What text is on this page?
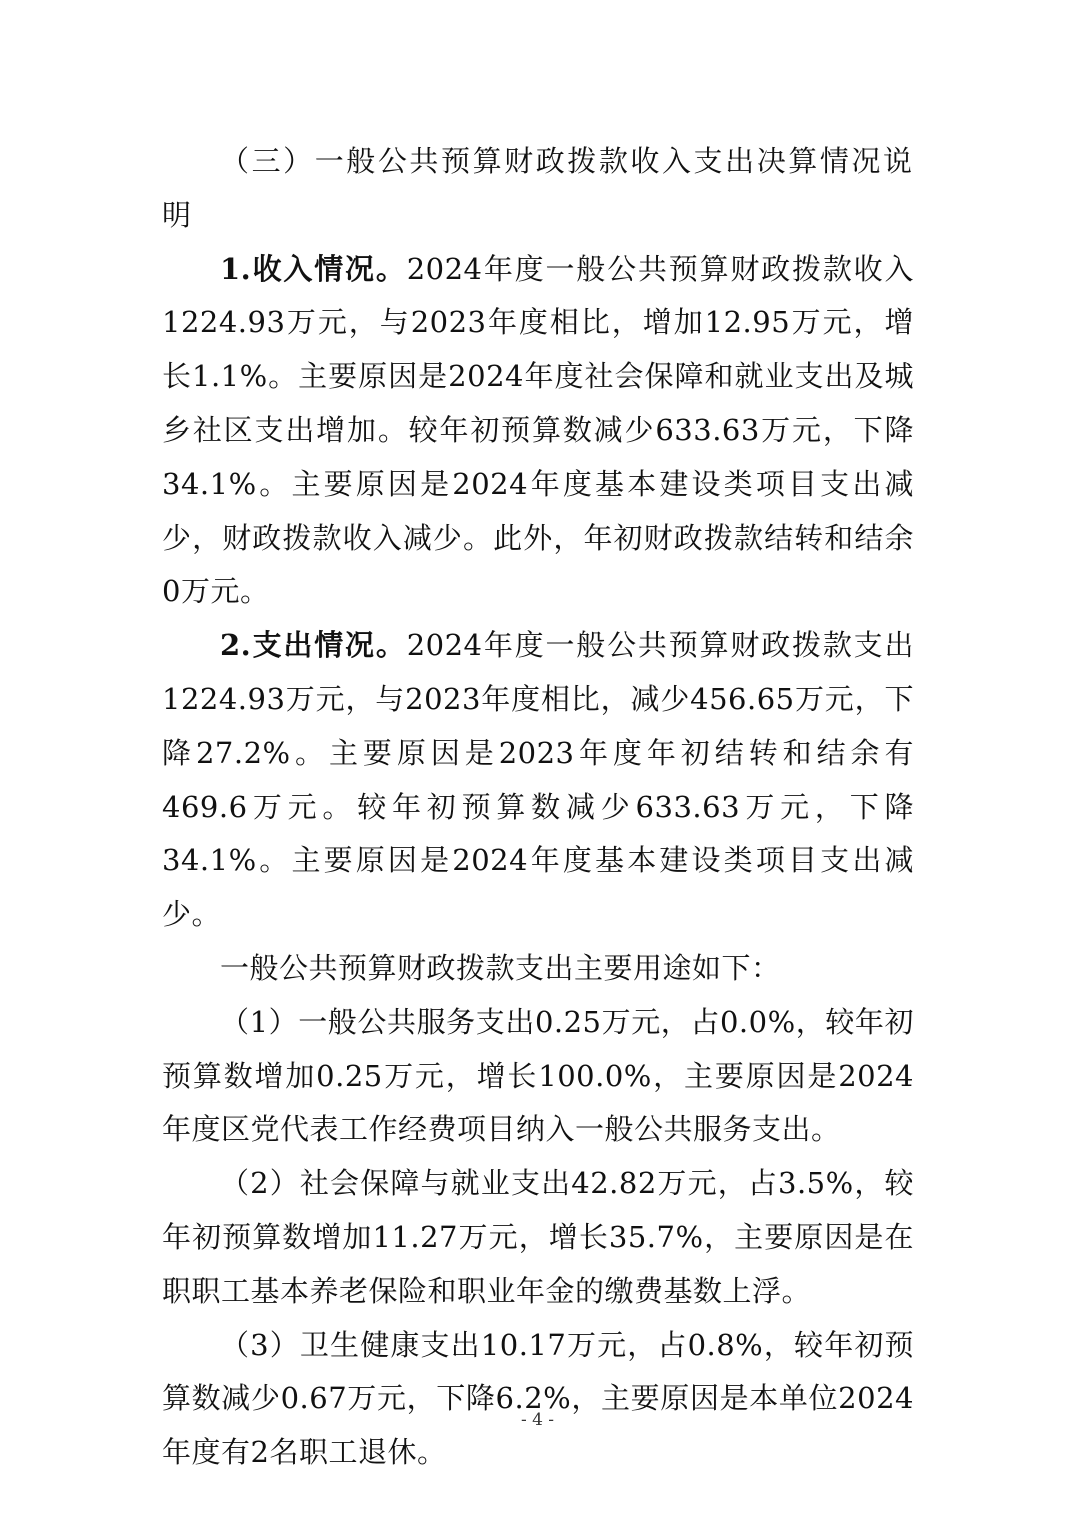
（三）一般公共预算财政拨款收入支出决算情况说明

1.收入情况。2024年度一般公共预算财政拨款收入1224.93万元，与2023年度相比，增加12.95万元，增长1.1%。主要原因是2024年度社会保障和就业支出及城乡社区支出增加。较年初预算数减少633.63万元，下降34.1%。主要原因是2024年度基本建设类项目支出减少，财政拨款收入减少。此外，年初财政拨款结转和结余0万元。

2.支出情况。2024年度一般公共预算财政拨款支出1224.93万元，与2023年度相比，减少456.65万元，下降27.2%。主要原因是2023年度年初结转和结余有469.6万元。较年初预算数减少633.63万元，下降34.1%。主要原因是2024年度基本建设类项目支出减少。

一般公共预算财政拨款支出主要用途如下：

（1）一般公共服务支出0.25万元，占0.0%，较年初预算数增加0.25万元，增长100.0%，主要原因是2024年度区党代表工作经费项目纳入一般公共服务支出。

（2）社会保障与就业支出42.82万元，占3.5%，较年初预算数增加11.27万元，增长35.7%，主要原因是在职职工基本养老保险和职业年金的缴费基数上浮。

（3）卫生健康支出10.17万元，占0.8%，较年初预算数减少0.67万元，下降6.2%，主要原因是本单位2024年度有2名职工退休。

- 4 -
